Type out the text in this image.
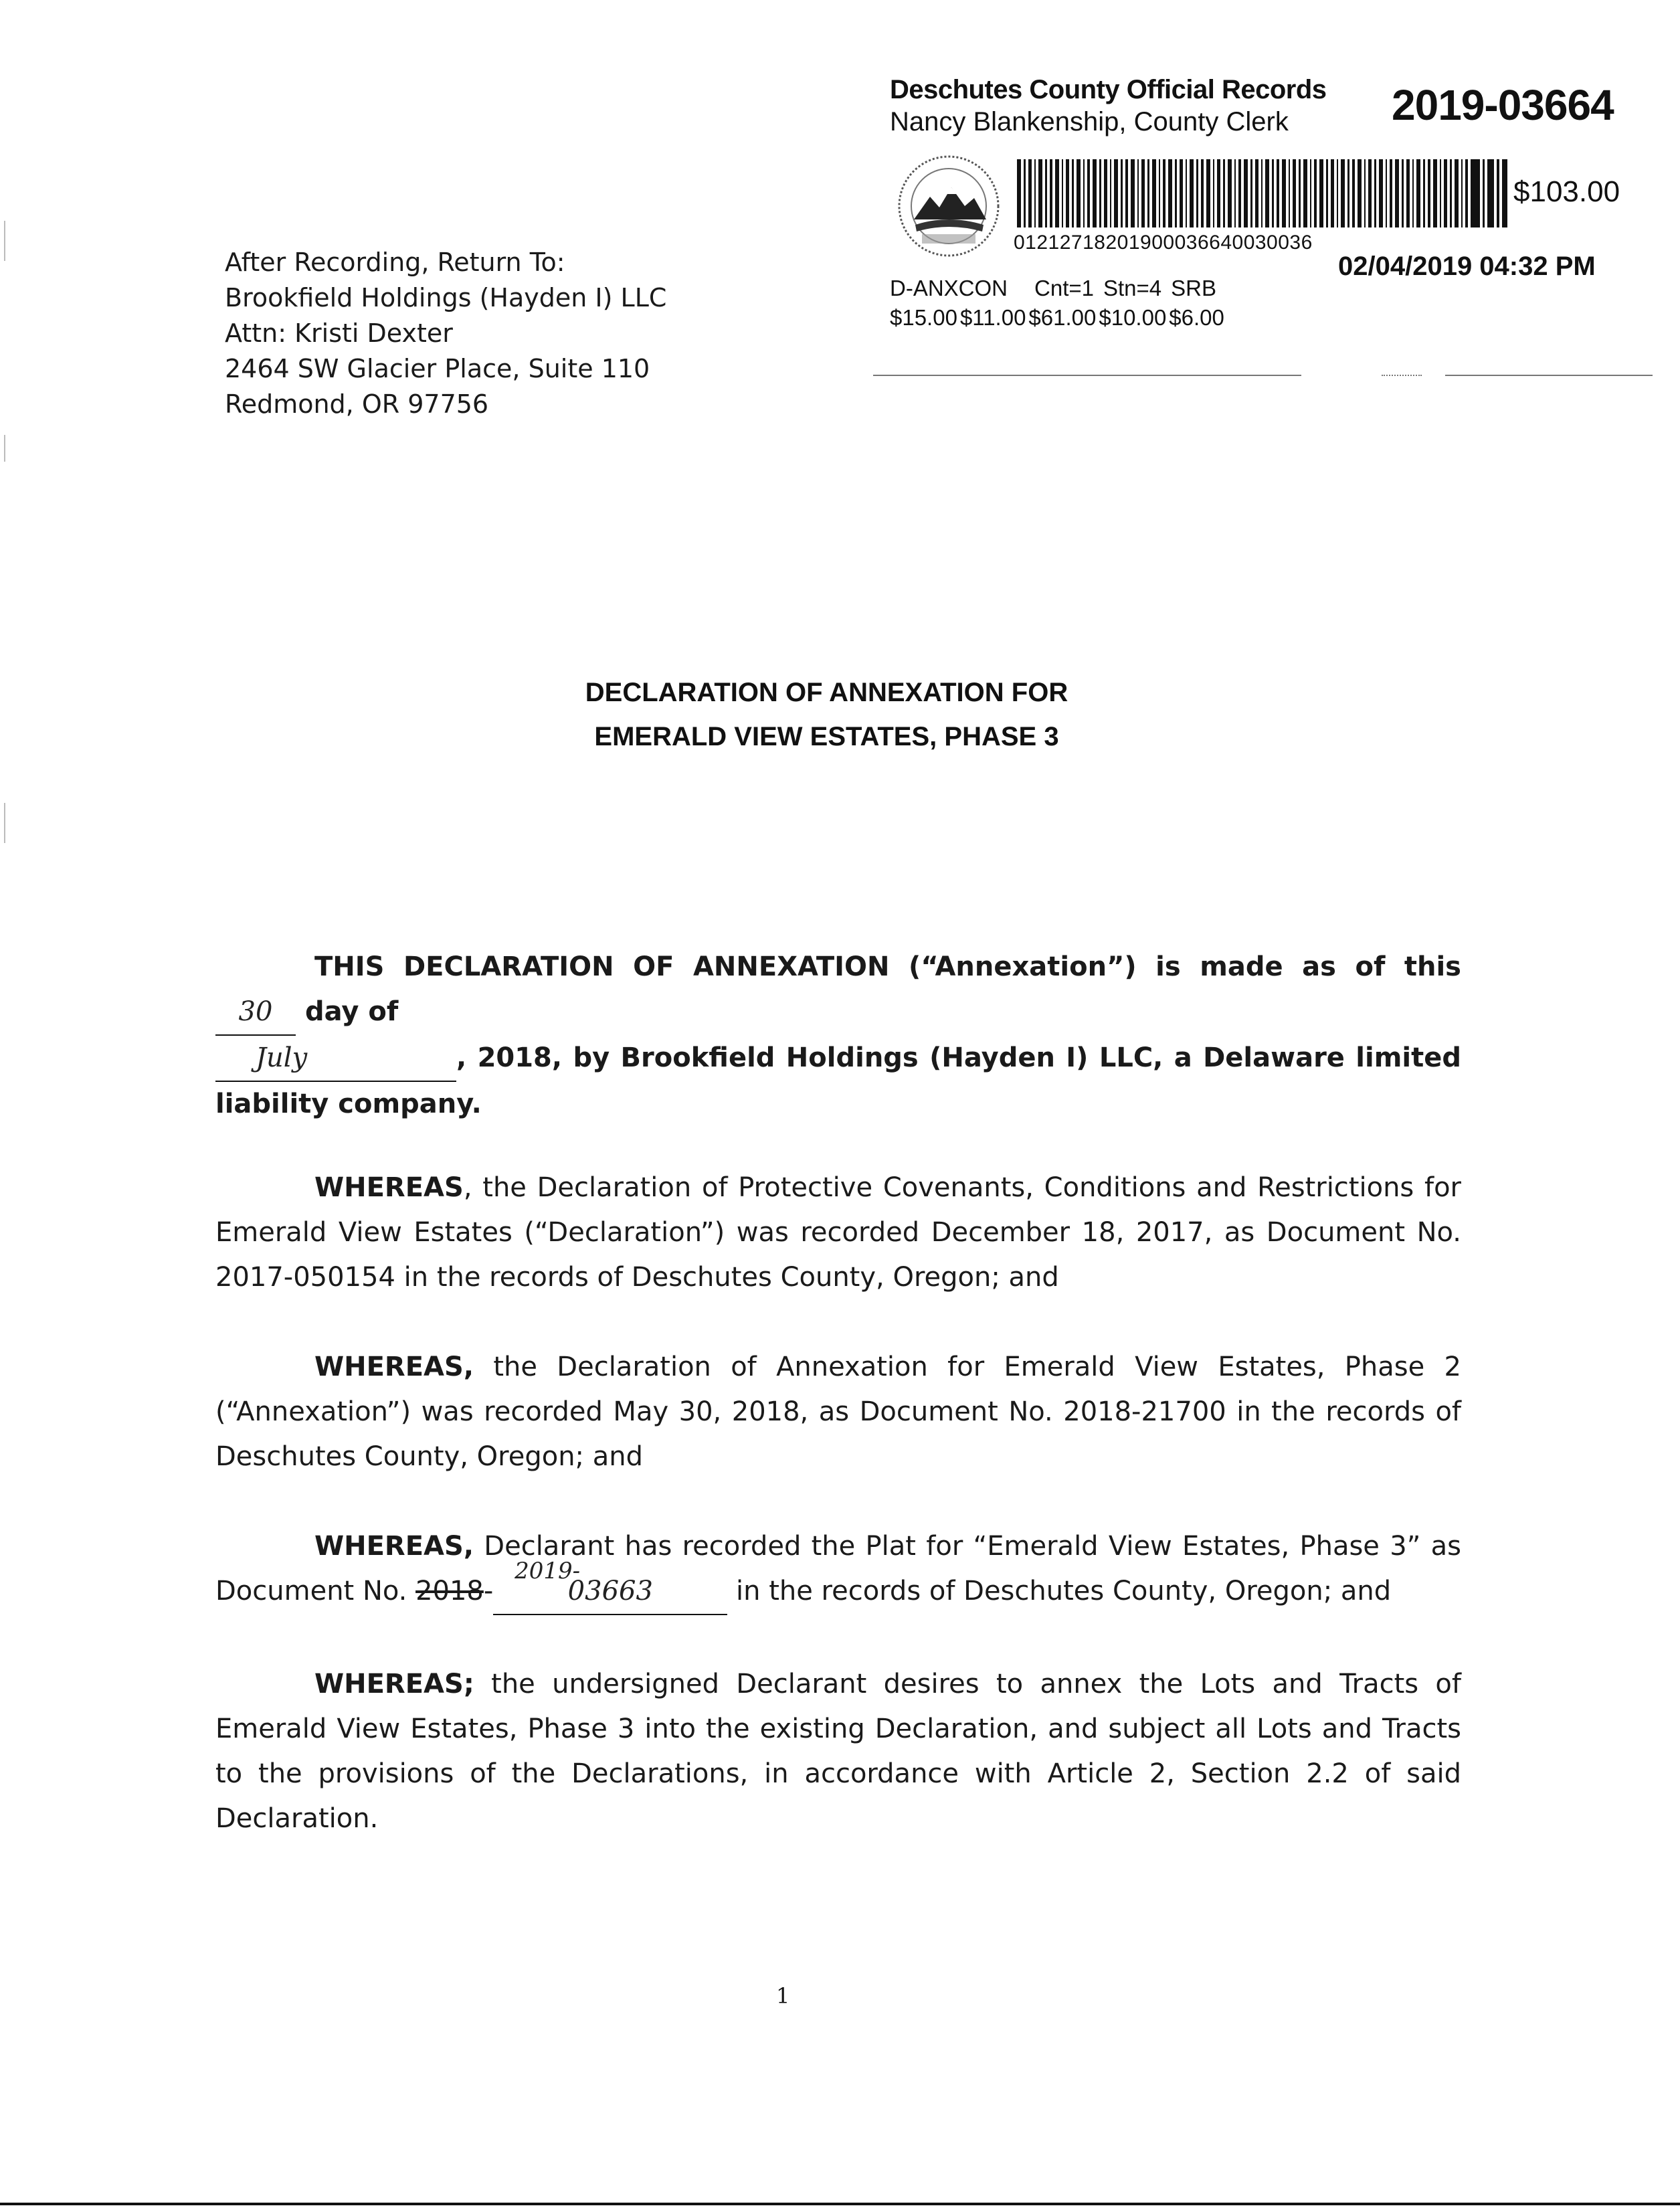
Deschutes County Official Records
Nancy Blankenship, County Clerk 2019-03664
01212718201900036640030036
$103.00
02/04/2019 04:32 PM
D-ANXCON Cnt=1 Stn=4 SRB
$15.00 $11.00 $61.00 $10.00 $6.00
After Recording, Return To:
Brookfield Holdings (Hayden I) LLC
Attn: Kristi Dexter
2464 SW Glacier Place, Suite 110
Redmond, OR 97756
DECLARATION OF ANNEXATION FOR
EMERALD VIEW ESTATES, PHASE 3
THIS DECLARATION OF ANNEXATION (“Annexation”) is made as of this 30 day of
July	, 2018, by Brookfield Holdings (Hayden I) LLC, a Delaware limited liability company.
WHEREAS, the Declaration of Protective Covenants, Conditions and Restrictions for Emerald View Estates (“Declaration”) was recorded December 18, 2017, as Document No. 2017-050154 in the records of Deschutes County, Oregon; and
WHEREAS, the Declaration of Annexation for Emerald View Estates, Phase 2 (“Annexation”) was recorded May 30, 2018, as Document No. 2018-21700 in the records of Deschutes County, Oregon; and
WHEREAS, Declarant has recorded the Plat for “Emerald View Estates, Phase 3” as Document No. 2018
2019-
-	03663	in the records of Deschutes County, Oregon; and
WHEREAS; the undersigned Declarant desires to annex the Lots and Tracts of Emerald View Estates, Phase 3 into the existing Declaration, and subject all Lots and Tracts to the provisions of the Declarations, in accordance with Article 2, Section 2.2 of said Declaration.
1
